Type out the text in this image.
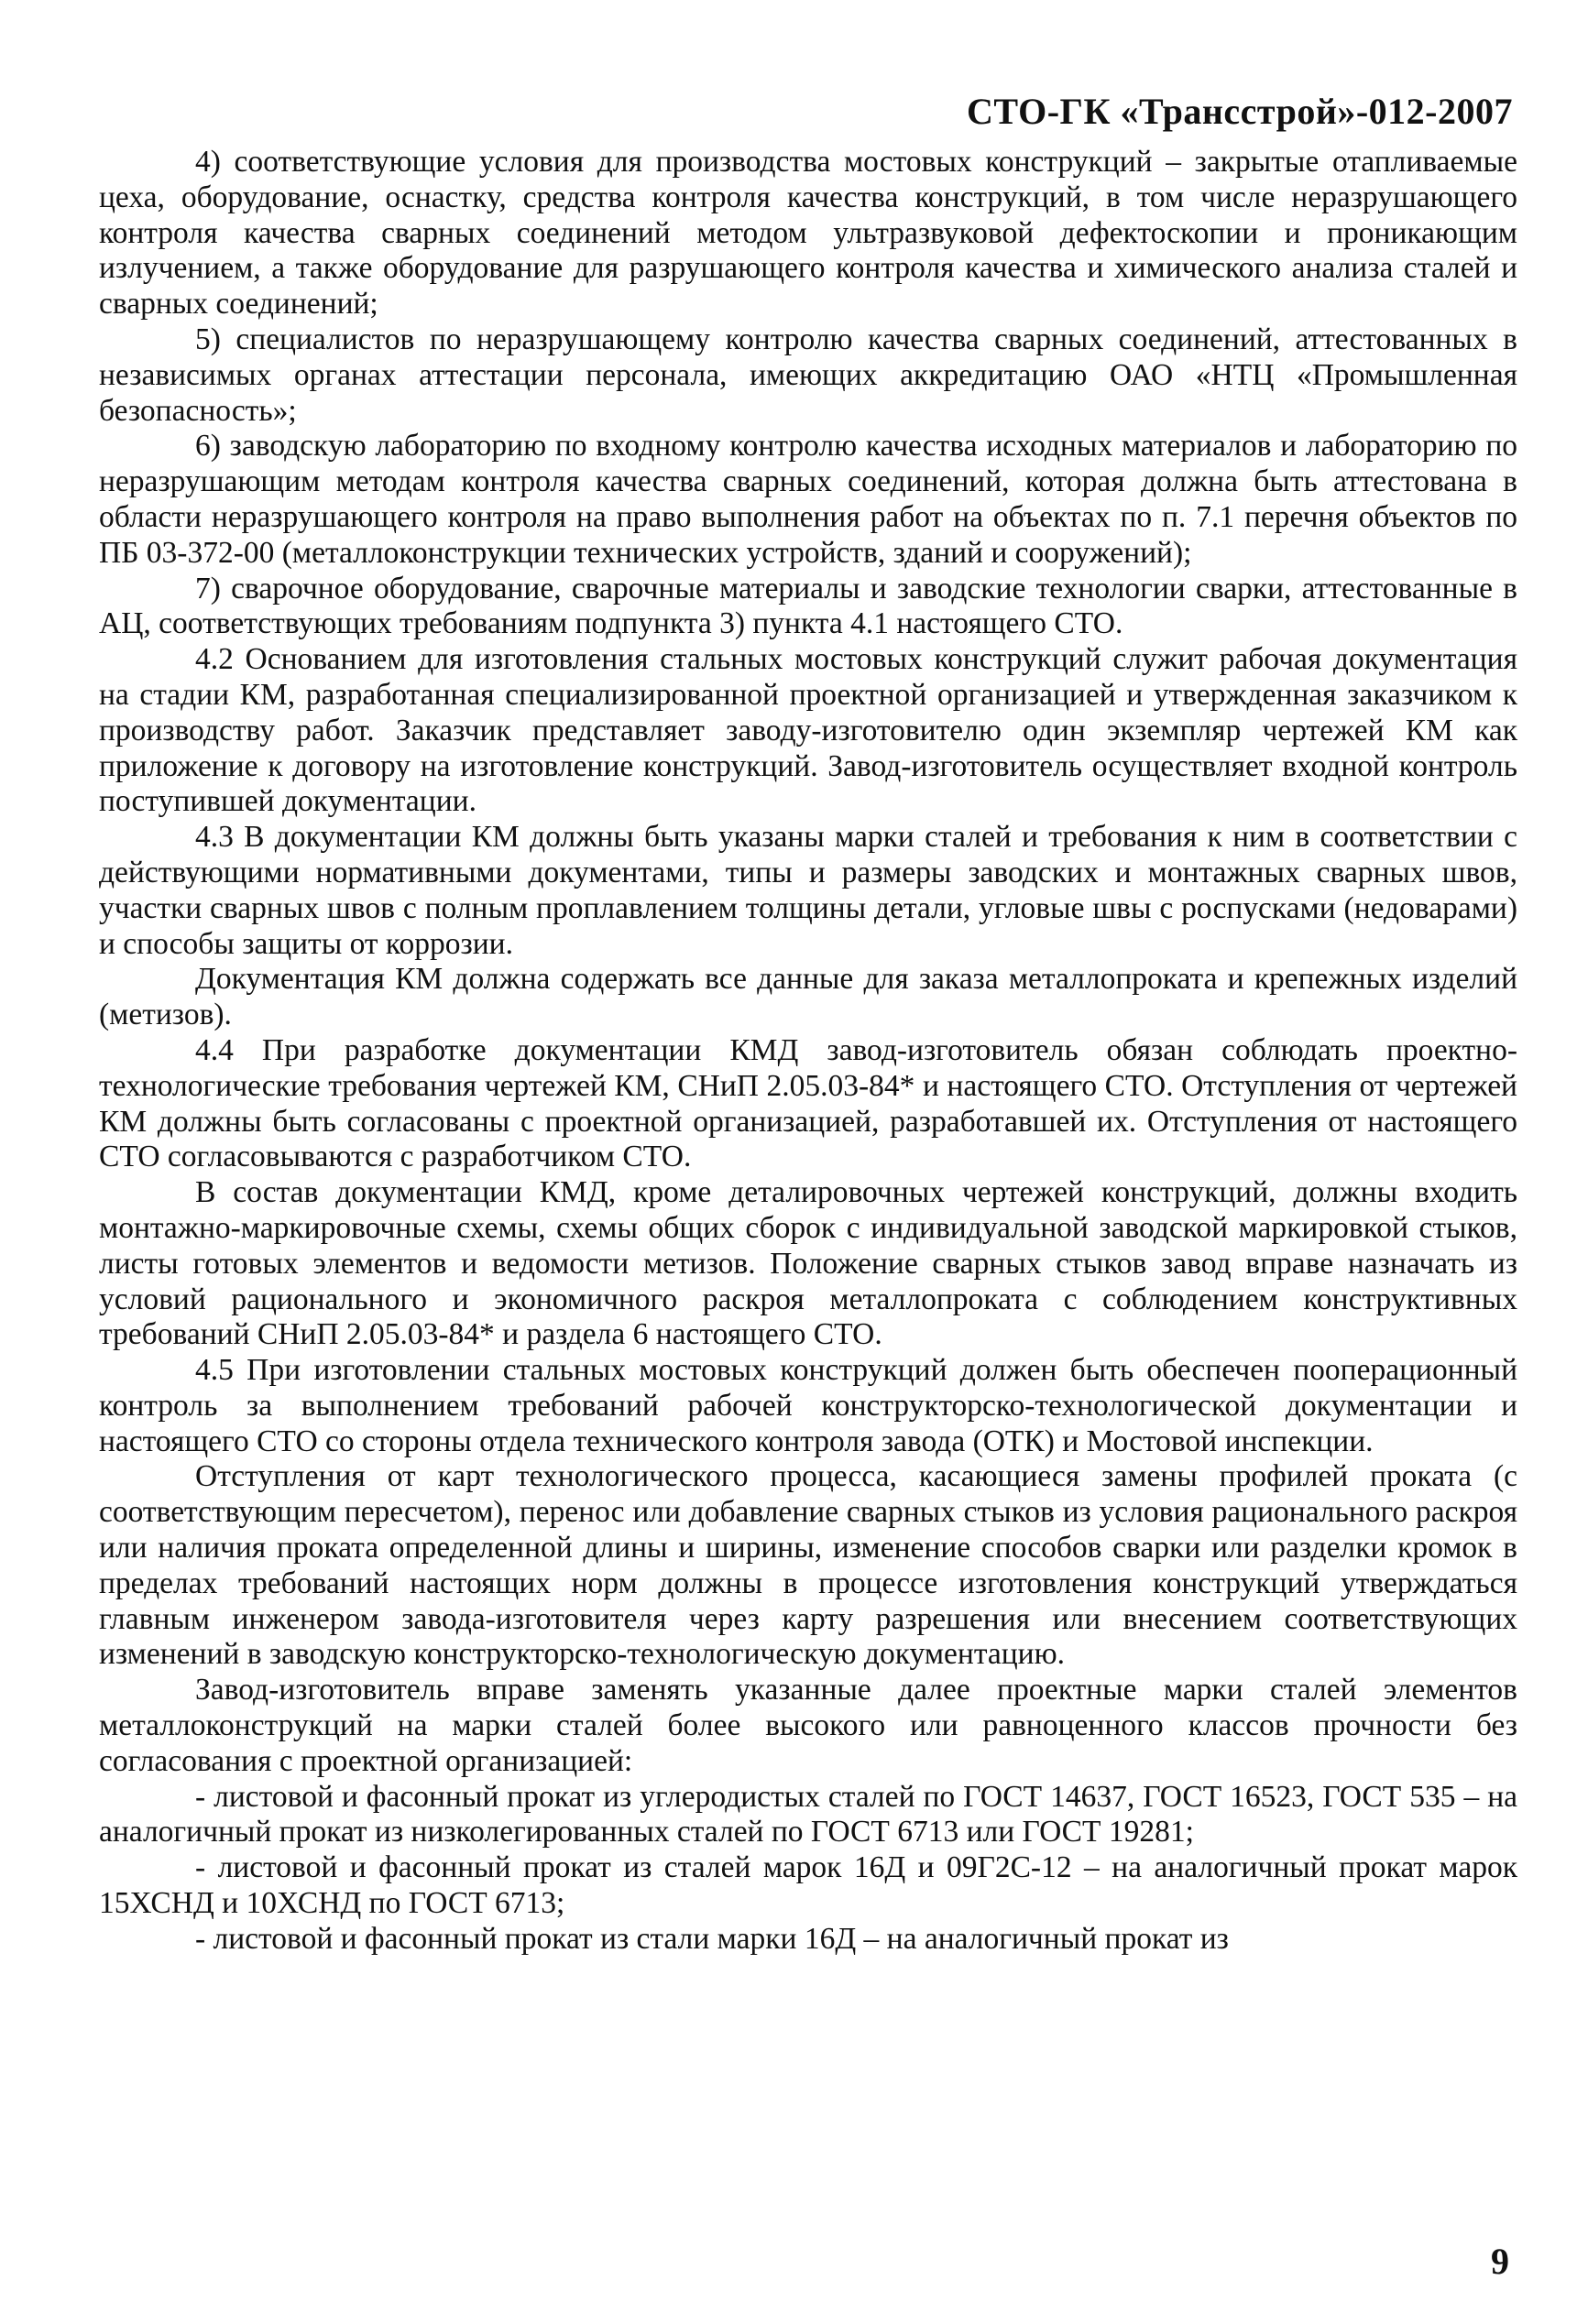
СТО-ГК «Трансстрой»-012-2007

4) соответствующие условия для производства мостовых конструкций – закрытые отапливаемые цеха, оборудование, оснастку, средства контроля качества конструкций, в том числе неразрушающего контроля качества сварных соединений методом ультразвуковой дефектоскопии и проникающим излучением, а также оборудование для разрушающего контроля качества и химического анализа сталей и сварных соединений;

5) специалистов по неразрушающему контролю качества сварных соединений, аттестованных в независимых органах аттестации персонала, имеющих аккредитацию ОАО «НТЦ «Промышленная безопасность»;

6) заводскую лабораторию по входному контролю качества исходных материалов и лабораторию по неразрушающим методам контроля качества сварных соединений, которая должна быть аттестована в области неразрушающего контроля на право выполнения работ на объектах по п. 7.1 перечня объектов по ПБ 03-372-00 (металлоконструкции технических устройств, зданий и сооружений);

7) сварочное оборудование, сварочные материалы и заводские технологии сварки, аттестованные в АЦ, соответствующих требованиям подпункта 3) пункта 4.1 настоящего СТО.

4.2 Основанием для изготовления стальных мостовых конструкций служит рабочая документация на стадии КМ, разработанная специализированной проектной организацией и утвержденная заказчиком к производству работ. Заказчик представляет заводу-изготовителю один экземпляр чертежей КМ как приложение к договору на изготовление конструкций. Завод-изготовитель осуществляет входной контроль поступившей документации.

4.3 В документации КМ должны быть указаны марки сталей и требования к ним в соответствии с действующими нормативными документами, типы и размеры заводских и монтажных сварных швов, участки сварных швов с полным проплавлением толщины детали, угловые швы с роспусками (недоварами) и способы защиты от коррозии.

Документация КМ должна содержать все данные для заказа металлопроката и крепежных изделий (метизов).

4.4 При разработке документации КМД завод-изготовитель обязан соблюдать проектно-технологические требования чертежей КМ, СНиП 2.05.03-84* и настоящего СТО. Отступления от чертежей КМ должны быть согласованы с проектной организацией, разработавшей их. Отступления от настоящего СТО согласовываются с разработчиком СТО.

В состав документации КМД, кроме деталировочных чертежей конструкций, должны входить монтажно-маркировочные схемы, схемы общих сборок с индивидуальной заводской маркировкой стыков, листы готовых элементов и ведомости метизов. Положение сварных стыков завод вправе назначать из условий рационального и экономичного раскроя металлопроката с соблюдением конструктивных требований СНиП 2.05.03-84* и раздела 6 настоящего СТО.

4.5 При изготовлении стальных мостовых конструкций должен быть обеспечен пооперационный контроль за выполнением требований рабочей конструкторско-технологической документации и настоящего СТО со стороны отдела технического контроля завода (ОТК) и Мостовой инспекции.

Отступления от карт технологического процесса, касающиеся замены профилей проката (с соответствующим пересчетом), перенос или добавление сварных стыков из условия рационального раскроя или наличия проката определенной длины и ширины, изменение способов сварки или разделки кромок в пределах требований настоящих норм должны в процессе изготовления конструкций утверждаться главным инженером завода-изготовителя через карту разрешения или внесением соответствующих изменений в заводскую конструкторско-технологическую документацию.

Завод-изготовитель вправе заменять указанные далее проектные марки сталей элементов металлоконструкций на марки сталей более высокого или равноценного классов прочности без согласования с проектной организацией:

- листовой и фасонный прокат из углеродистых сталей по ГОСТ 14637, ГОСТ 16523, ГОСТ 535 – на аналогичный прокат из низколегированных сталей по ГОСТ 6713 или ГОСТ 19281;

- листовой и фасонный прокат из сталей марок 16Д и 09Г2С-12 – на аналогичный прокат марок 15ХСНД и 10ХСНД по ГОСТ 6713;

- листовой и фасонный прокат из стали марки 16Д – на аналогичный прокат из

9
